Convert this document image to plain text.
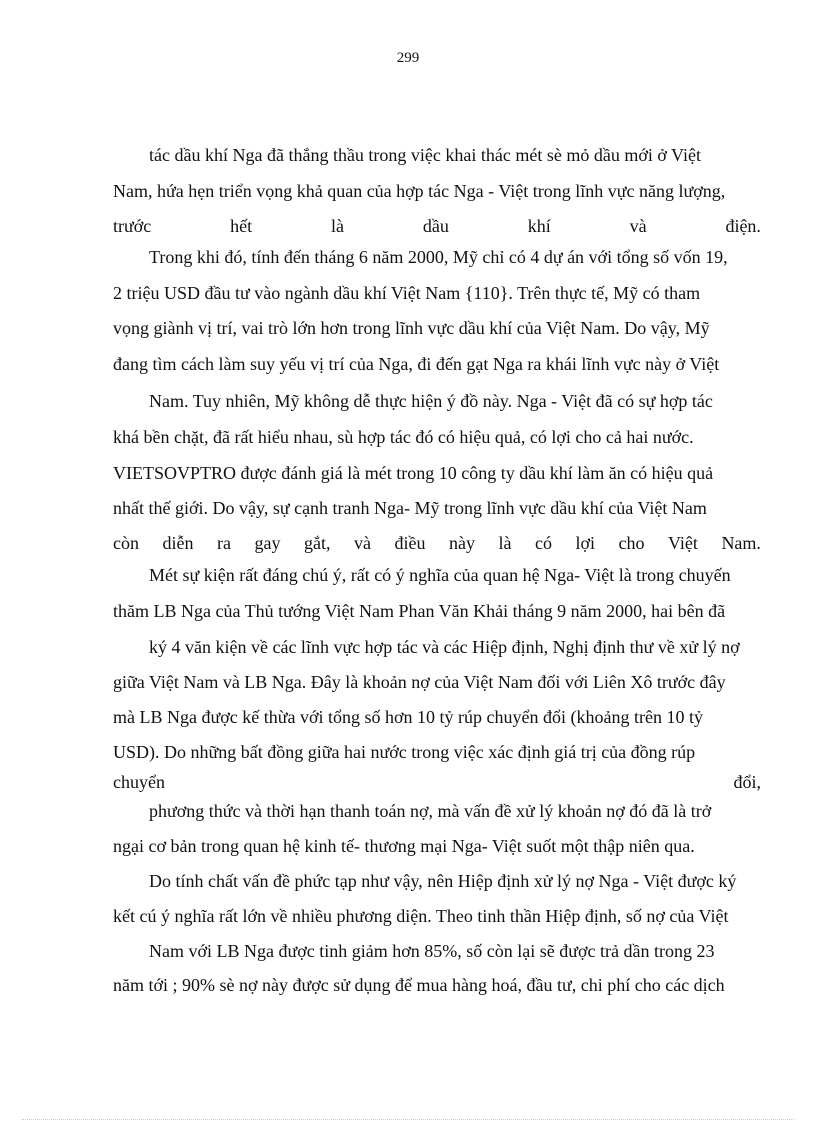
299
tác dầu khí Nga đã thắng thầu trong việc khai thác mét sè mỏ dầu mới ở Việt
Nam, hứa hẹn triển vọng khả quan của hợp tác Nga - Việt trong lĩnh vực năng lượng,
trước	hết	là	dầu	khí	và	điện.
Trong khi đó, tính đến tháng 6 năm 2000, Mỹ chỉ có 4 dự án với tổng số vốn 19,
2 triệu USD đầu tư vào ngành dầu khí Việt Nam {110}. Trên thực tế, Mỹ có tham
vọng giành vị trí, vai trò lớn hơn trong lĩnh vực dầu khí của Việt Nam. Do vậy, Mỹ
đang tìm cách làm suy yếu vị trí của Nga, đi đến gạt Nga ra khái lĩnh vực này ở Việt
Nam. Tuy nhiên, Mỹ không dễ thực hiện ý đồ này. Nga - Việt đã có sự hợp tác
khá bền chặt, đã rất hiểu nhau, sù hợp tác đó có hiệu quả, có lợi cho cả hai nước.
VIETSOVPTRO được đánh giá là mét trong 10 công ty dầu khí làm ăn có hiệu quả
nhất thế giới. Do vậy, sự cạnh tranh Nga- Mỹ trong lĩnh vực dầu khí của Việt Nam
còn diễn ra gay gắt, và điều này là có lợi cho Việt Nam.
Mét sự kiện rất đáng chú ý, rất có ý nghĩa của quan hệ Nga- Việt là trong chuyến
thăm LB Nga của Thủ tướng Việt Nam Phan Văn Khải tháng 9 năm 2000, hai bên đã
ký 4 văn kiện về các lĩnh vực hợp tác và các Hiệp định, Nghị định thư về xử lý nợ
giữa Việt Nam và LB Nga. Đây là khoản nợ của Việt Nam đối với Liên Xô trước đây
mà LB Nga được kế thừa với tổng số hơn 10 tỷ rúp chuyển đổi (khoảng trên 10 tỷ
USD). Do những bất đồng giữa hai nước trong việc xác định giá trị của đồng rúp
chuyển	đổi,
phương thức và thời hạn thanh toán nợ, mà vấn đề xử lý khoản nợ đó đã là trở
ngại cơ bản trong quan hệ kinh tế- thương mại Nga- Việt suốt một thập niên qua.
Do tính chất vấn đề phức tạp như vậy, nên Hiệp định xử lý nợ Nga - Việt được ký
kết cú ý nghĩa rất lớn về nhiều phương diện. Theo tinh thần Hiệp định, số nợ của Việt
Nam với LB Nga được tinh giảm hơn 85%, số còn lại sẽ được trả dần trong 23
năm tới ; 90% sè nợ này được sử dụng để mua hàng hoá, đầu tư, chi phí cho các dịch
